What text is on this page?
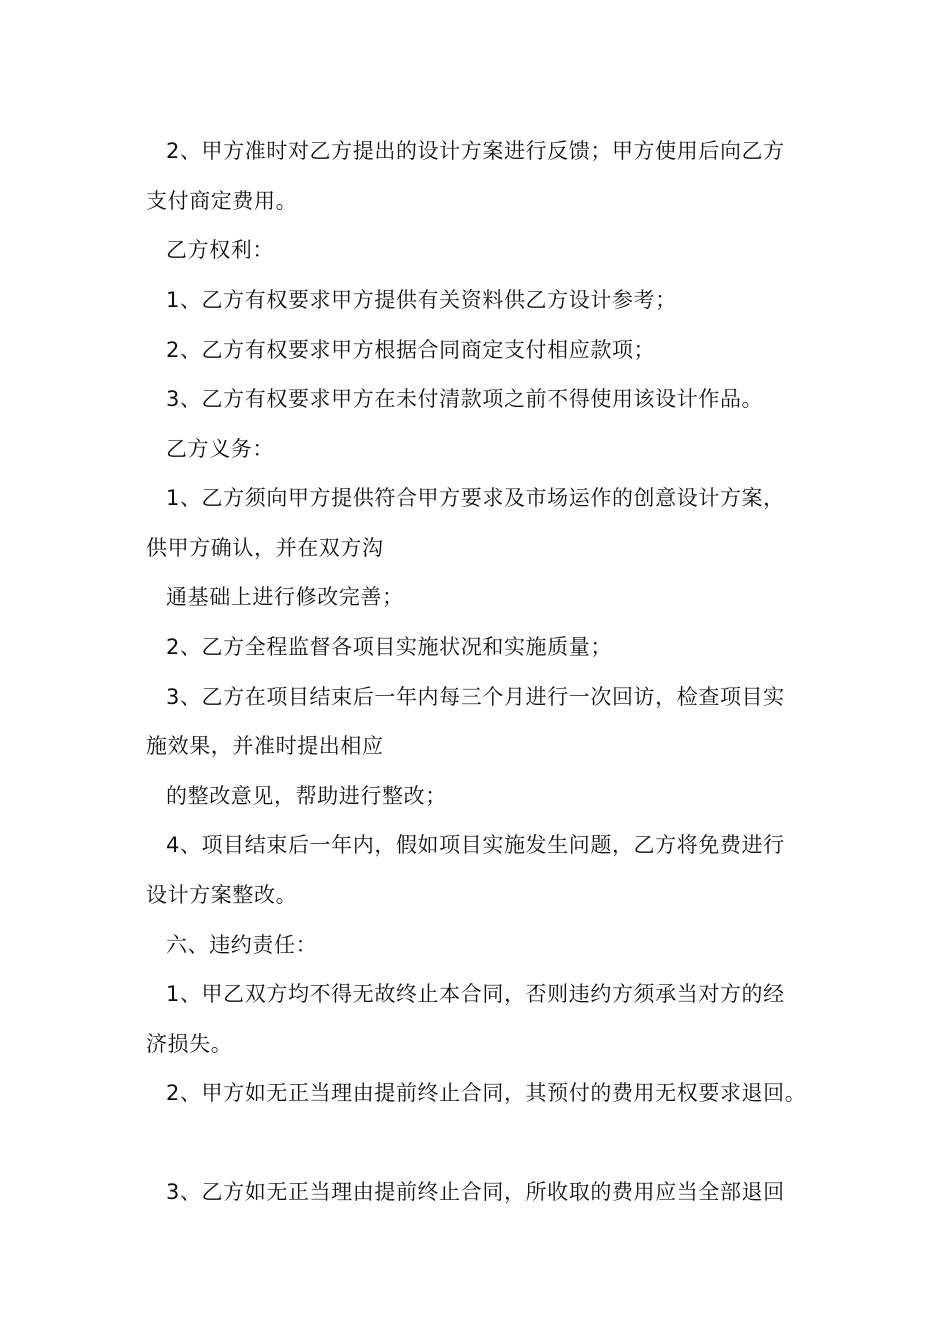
2、甲方准时对乙方提出的设计方案进行反馈；甲方使用后向乙方
支付商定费用。
乙方权利：
1、乙方有权要求甲方提供有关资料供乙方设计参考；
2、乙方有权要求甲方根据合同商定支付相应款项；
3、乙方有权要求甲方在未付清款项之前不得使用该设计作品。
乙方义务：
1、乙方须向甲方提供符合甲方要求及市场运作的创意设计方案，
供甲方确认，并在双方沟
通基础上进行修改完善；
2、乙方全程监督各项目实施状况和实施质量；
3、乙方在项目结束后一年内每三个月进行一次回访，检查项目实
施效果，并准时提出相应
的整改意见，帮助进行整改；
4、项目结束后一年内，假如项目实施发生问题，乙方将免费进行
设计方案整改。
六、违约责任：
1、甲乙双方均不得无故终止本合同，否则违约方须承当对方的经
济损失。
2、甲方如无正当理由提前终止合同，其预付的费用无权要求退回。
3、乙方如无正当理由提前终止合同，所收取的费用应当全部退回
